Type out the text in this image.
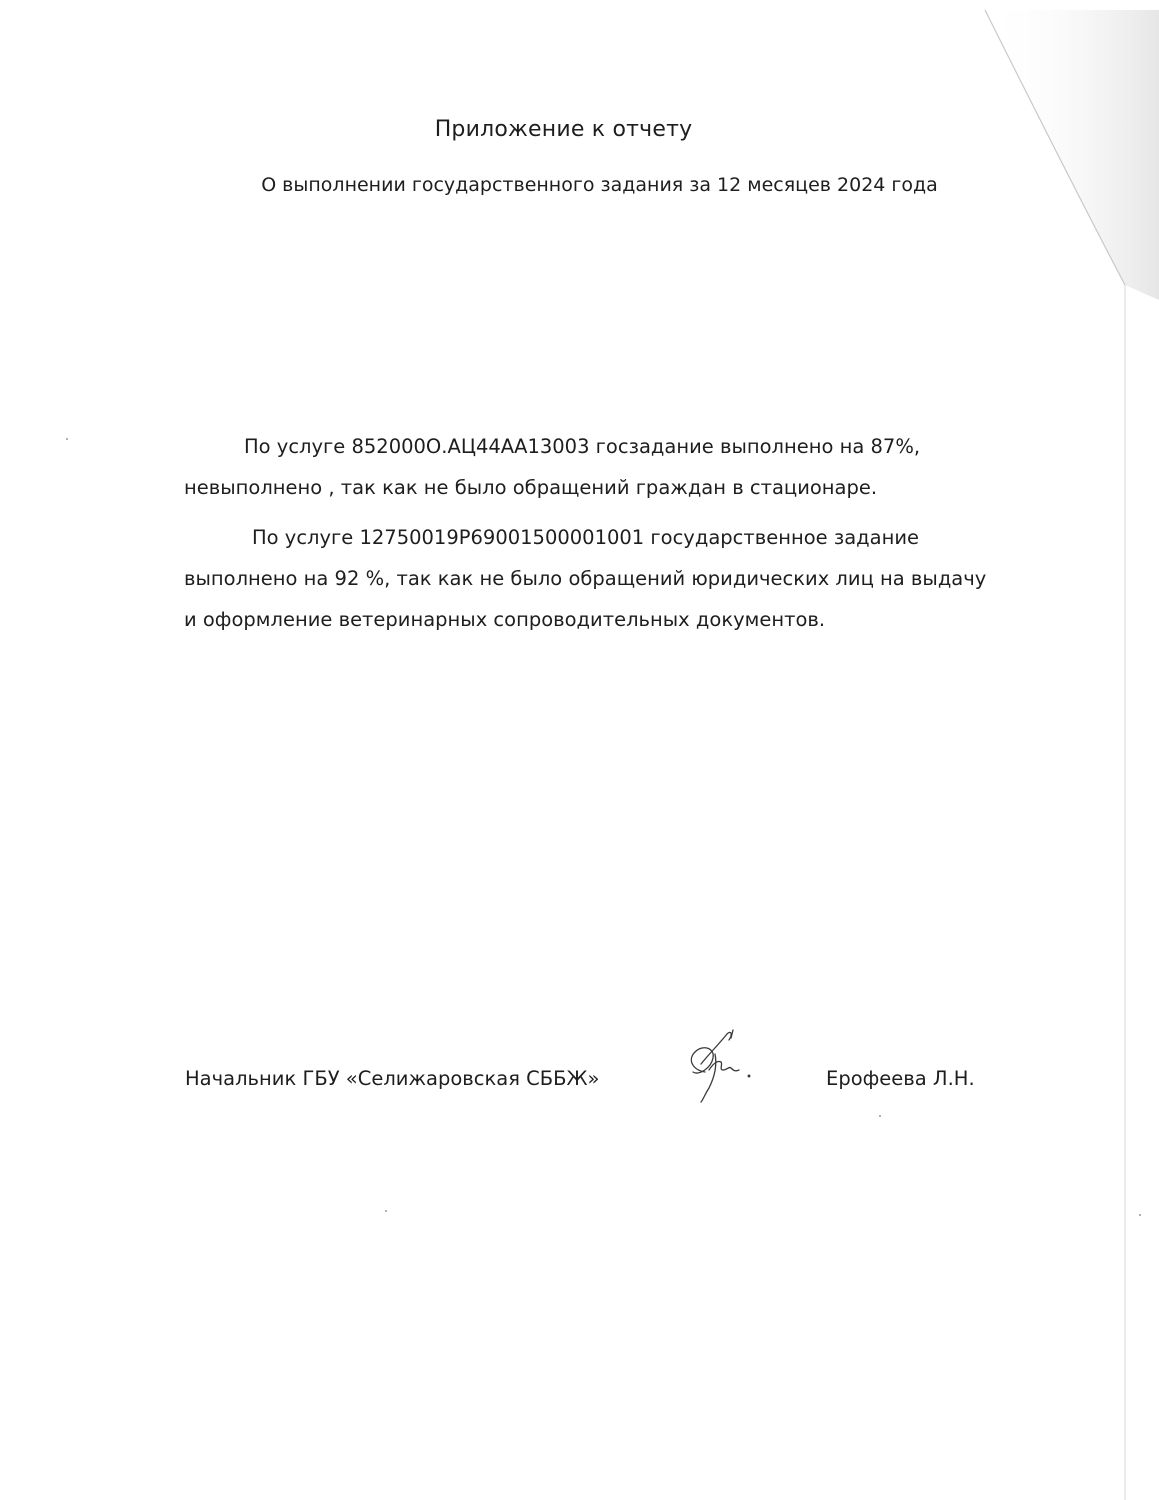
Приложение к отчету
О выполнении государственного задания за 12 месяцев 2024 года

По услуге 852000О.АЦ44АА13003 госзадание выполнено на 87%,

невыполнено , так как не было обращений граждан в стационаре.

По услуге 12750019Р69001500001001 государственное задание

выполнено на 92 %, так как не было обращений юридических лиц на выдачу

и оформление ветеринарных сопроводительных документов.

Начальник ГБУ «Селижаровская СББЖ»	Ерофеева Л.Н.
